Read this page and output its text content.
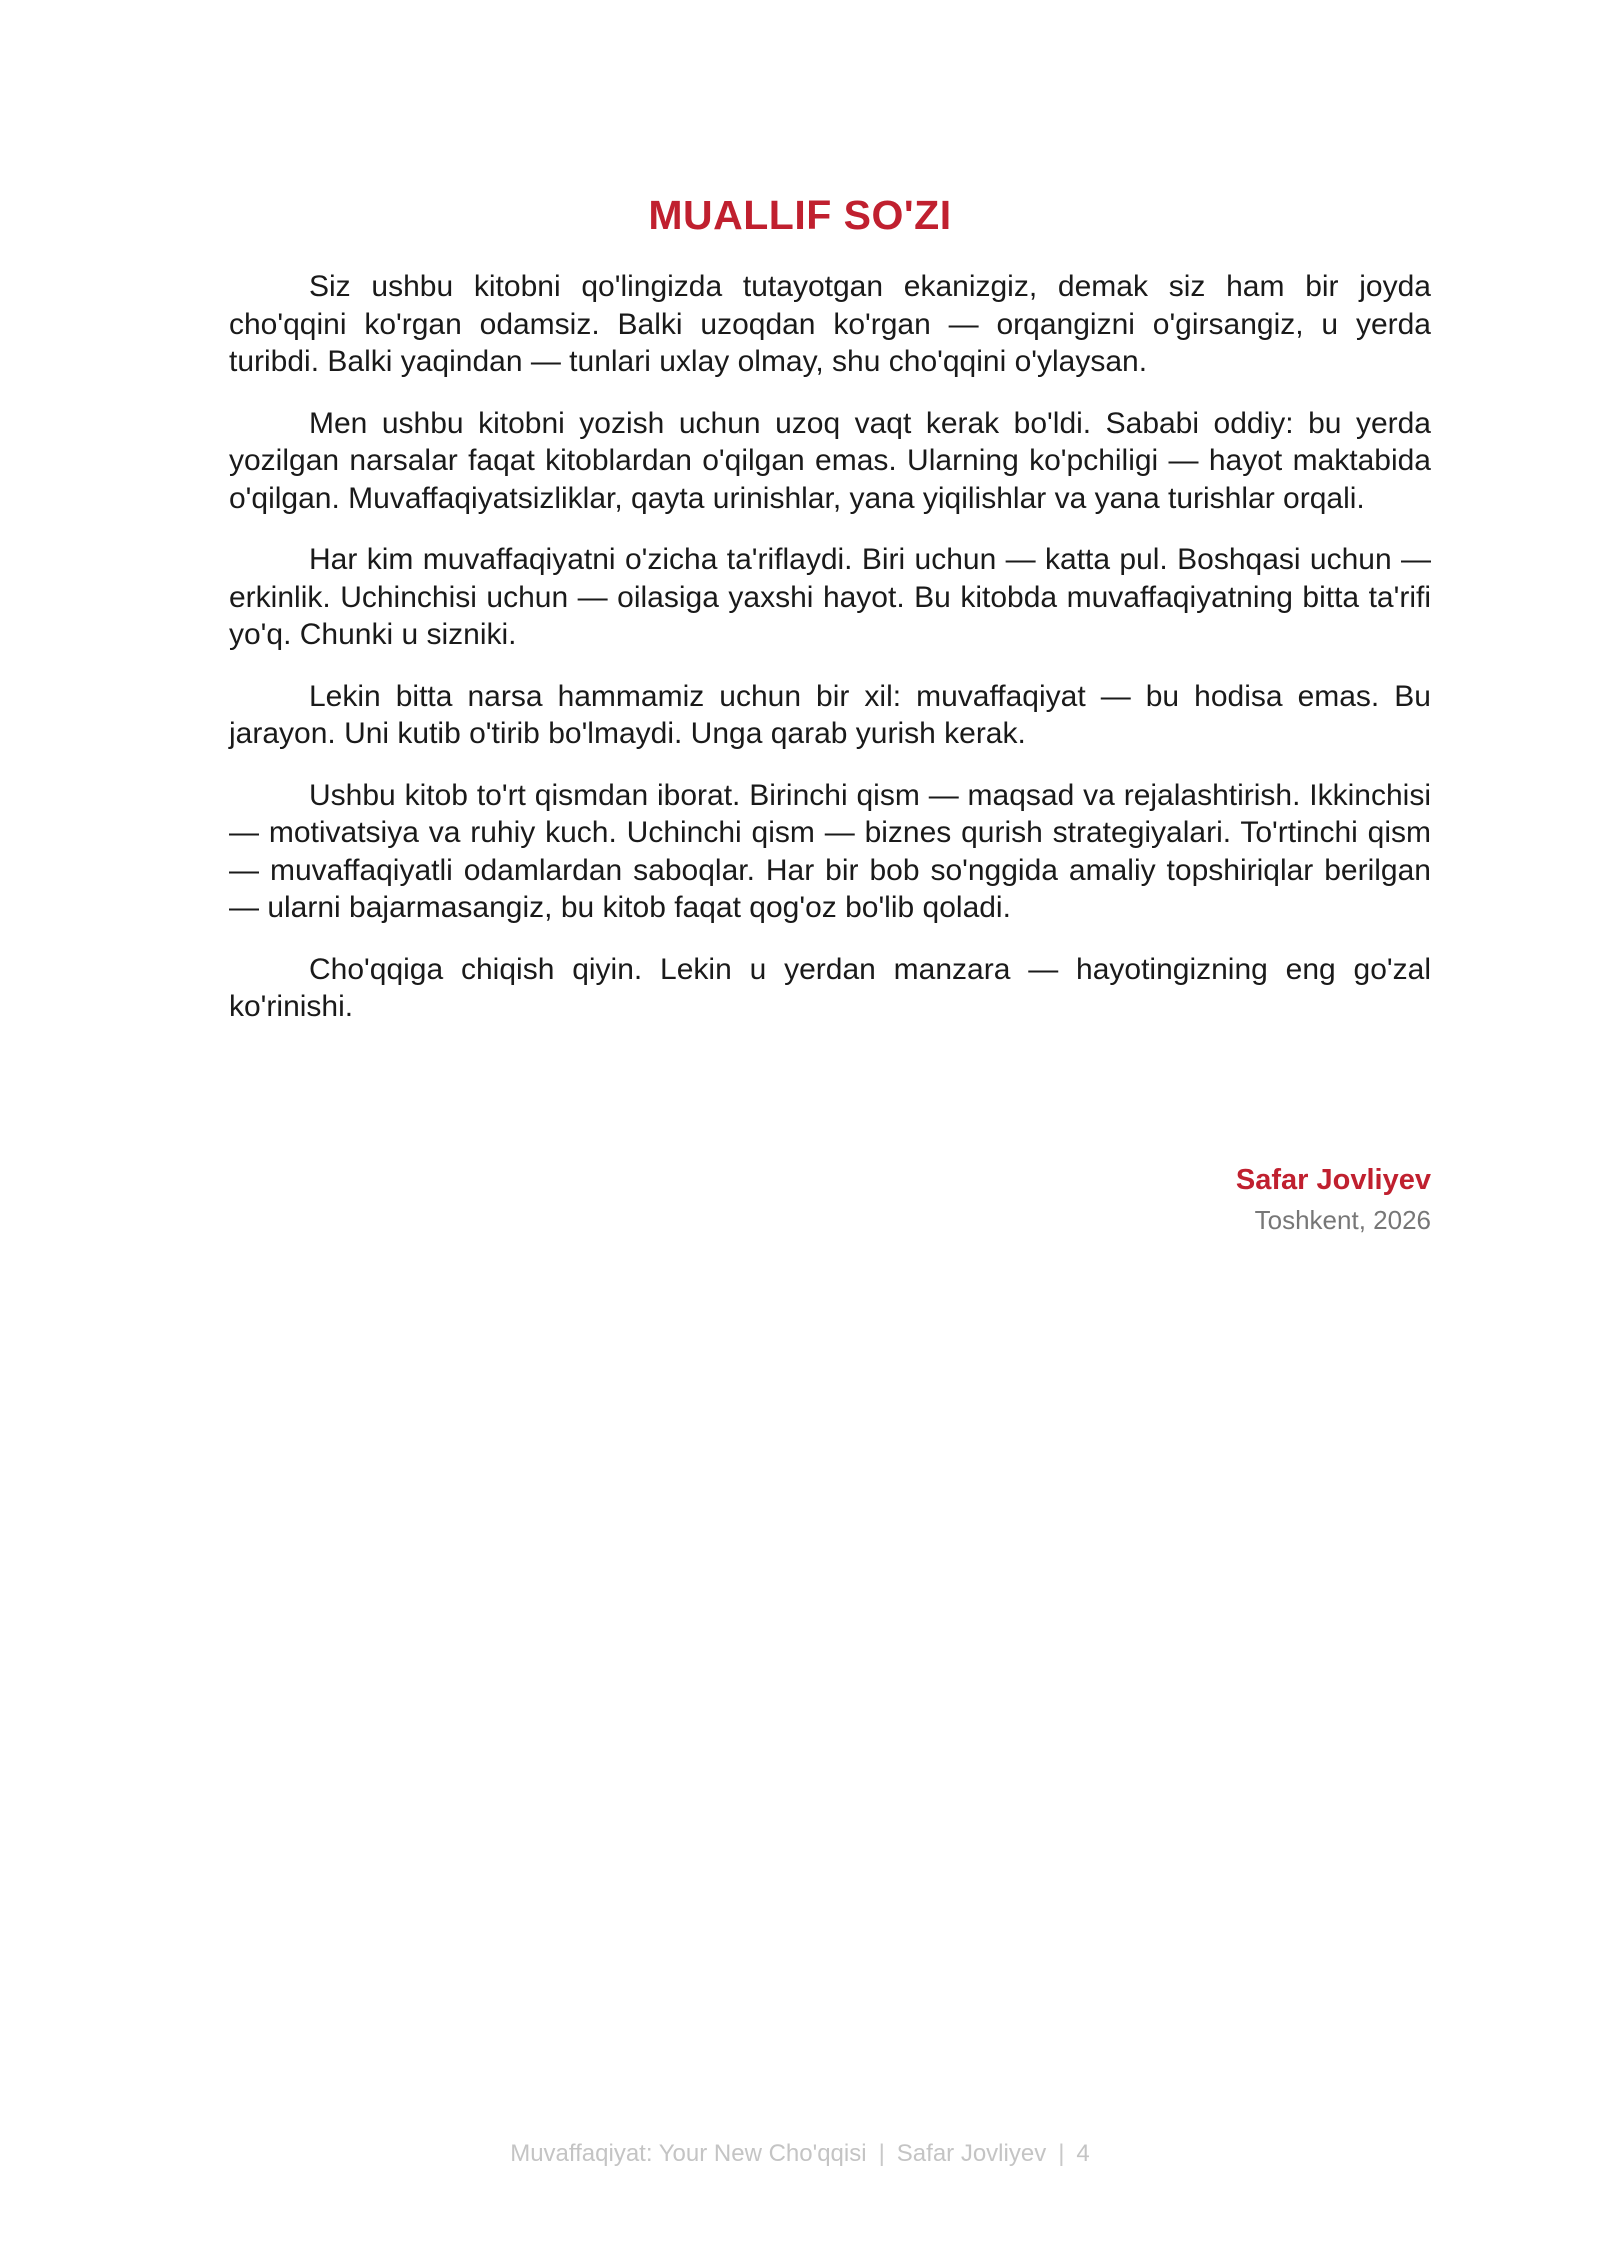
MUALLIF SO'ZI

Siz ushbu kitobni qo'lingizda tutayotgan ekanizgiz, demak siz ham bir joyda cho'qqini ko'rgan odamsiz. Balki uzoqdan ko'rgan — orqangizni o'girsangiz, u yerda turibdi. Balki yaqindan — tunlari uxlay olmay, shu cho'qqini o'ylaysan.

Men ushbu kitobni yozish uchun uzoq vaqt kerak bo'ldi. Sababi oddiy: bu yerda yozilgan narsalar faqat kitoblardan o'qilgan emas. Ularning ko'pchiligi — hayot maktabida o'qilgan. Muvaffaqiyatsizliklar, qayta urinishlar, yana yiqilishlar va yana turishlar orqali.

Har kim muvaffaqiyatni o'zicha ta'riflaydi. Biri uchun — katta pul. Boshqasi uchun — erkinlik. Uchinchisi uchun — oilasiga yaxshi hayot. Bu kitobda muvaffaqiyatning bitta ta'rifi yo'q. Chunki u sizniki.

Lekin bitta narsa hammamiz uchun bir xil: muvaffaqiyat — bu hodisa emas. Bu jarayon. Uni kutib o'tirib bo'lmaydi. Unga qarab yurish kerak.

Ushbu kitob to'rt qismdan iborat. Birinchi qism — maqsad va rejalashtirish. Ikkinchisi — motivatsiya va ruhiy kuch. Uchinchi qism — biznes qurish strategiyalari. To'rtinchi qism — muvaffaqiyatli odamlardan saboqlar. Har bir bob so'nggida amaliy topshiriqlar berilgan — ularni bajarmasangiz, bu kitob faqat qog'oz bo'lib qoladi.

Cho'qqiga chiqish qiyin. Lekin u yerdan manzara — hayotingizning eng go'zal ko'rinishi.

Safar Jovliyev
Toshkent, 2026
Muvaffaqiyat: Your New Cho'qqisi | Safar Jovliyev | 4
